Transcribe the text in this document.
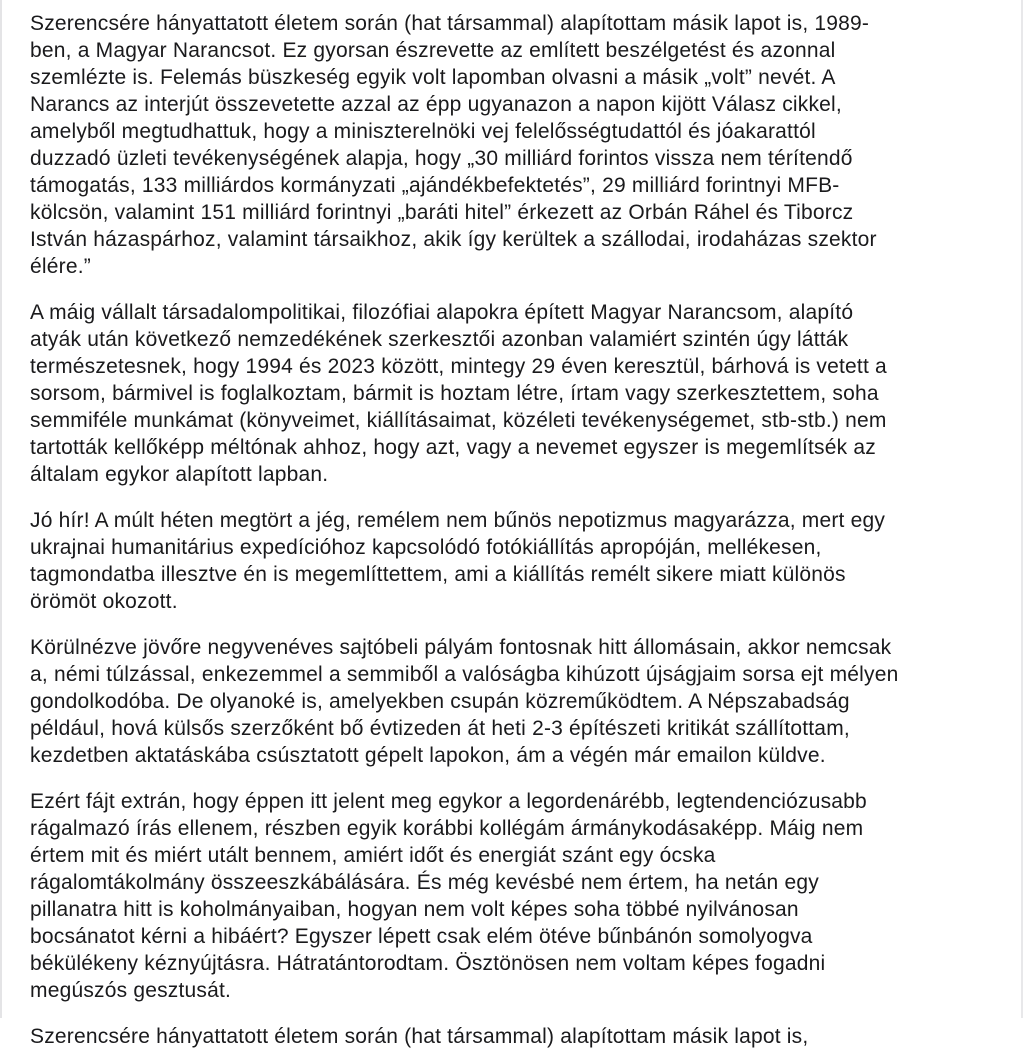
Szerencsére hányattatott életem során (hat társammal) alapítottam másik lapot is, 1989-
ben, a Magyar Narancsot. Ez gyorsan észrevette az említett beszélgetést és azonnal
szemlézte is. Felemás büszkeség egyik volt lapomban olvasni a másik „volt” nevét. A
Narancs az interjút összevetette azzal az épp ugyanazon a napon kijött Válasz cikkel,
amelyből megtudhattuk, hogy a miniszterelnöki vej felelősségtudattól és jóakarattól
duzzadó üzleti tevékenységének alapja, hogy „30 milliárd forintos vissza nem térítendő
támogatás, 133 milliárdos kormányzati „ajándékbefektetés”, 29 milliárd forintnyi MFB-
kölcsön, valamint 151 milliárd forintnyi „baráti hitel” érkezett az Orbán Ráhel és Tiborcz
István házaspárhoz, valamint társaikhoz, akik így kerültek a szállodai, irodaházas szektor
élére.”

A máig vállalt társadalompolitikai, filozófiai alapokra épített Magyar Narancsom, alapító
atyák után következő nemzedékének szerkesztői azonban valamiért szintén úgy látták
természetesnek, hogy 1994 és 2023 között, mintegy 29 éven keresztül, bárhová is vetett a
sorsom, bármivel is foglalkoztam, bármit is hoztam létre, írtam vagy szerkesztettem, soha
semmiféle munkámat (könyveimet, kiállításaimat, közéleti tevékenységemet, stb-stb.) nem
tartották kellőképp méltónak ahhoz, hogy azt, vagy a nevemet egyszer is megemlítsék az
általam egykor alapított lapban.

Jó hír! A múlt héten megtört a jég, remélem nem bűnös nepotizmus magyarázza, mert egy
ukrajnai humanitárius expedícióhoz kapcsolódó fotókiállítás apropóján, mellékesen,
tagmondatba illesztve én is megemlíttettem, ami a kiállítás remélt sikere miatt különös
örömöt okozott.

Körülnézve jövőre negyvenéves sajtóbeli pályám fontosnak hitt állomásain, akkor nemcsak
a, némi túlzással, enkezemmel a semmiből a valóságba kihúzott újságjaim sorsa ejt mélyen
gondolkodóba. De olyanoké is, amelyekben csupán közreműködtem. A Népszabadság
például, hová külsős szerzőként bő évtizeden át heti 2-3 építészeti kritikát szállítottam,
kezdetben aktatáskába csúsztatott gépelt lapokon, ám a végén már emailon küldve.

Ezért fájt extrán, hogy éppen itt jelent meg egykor a legordenárébb, legtendenciózusabb
rágalmazó írás ellenem, részben egyik korábbi kollégám ármánykodásaképp. Máig nem
értem mit és miért utált bennem, amiért időt és energiát szánt egy ócska
rágalomtákolmány összeeszkábálására. És még kevésbé nem értem, ha netán egy
pillanatra hitt is koholmányaiban, hogyan nem volt képes soha többé nyilvánosan
bocsánatot kérni a hibáért? Egyszer lépett csak elém ötéve bűnbánón somolyogva
békülékeny kéznyújtásra. Hátratántorodtam. Ösztönösen nem voltam képes fogadni
megúszós gesztusát.

Szerencsére hányattatott életem során (hat társammal) alapítottam másik lapot is,
